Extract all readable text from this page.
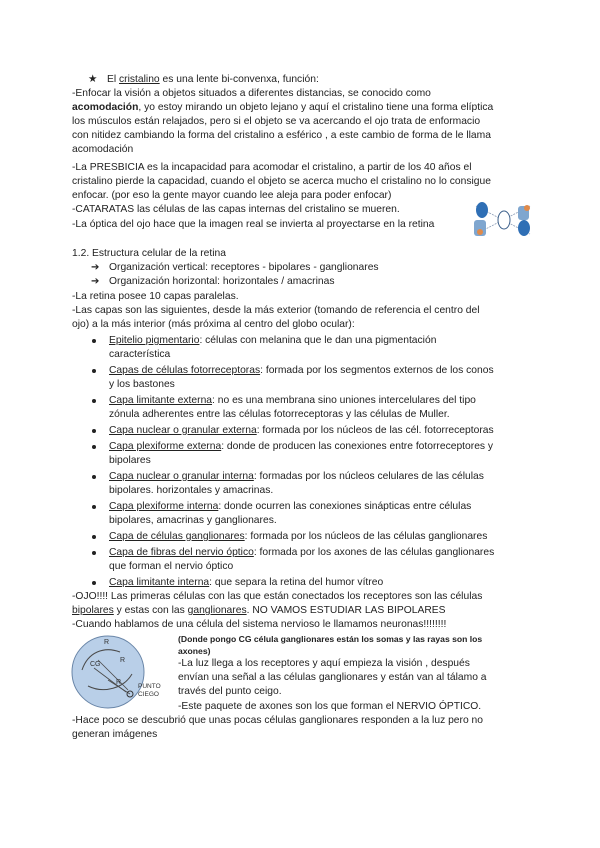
★ El cristalino es una lente bi-convenxa, función:
-Enfocar la visión a objetos situados a diferentes distancias, se conocido como
acomodación, yo estoy mirando un objeto lejano y aquí el cristalino tiene una forma elíptica
los músculos están relajados, pero si el objeto se va acercando el ojo trata de enformacio
con nitidez cambiando la forma del cristalino a esférico , a este cambio de forma de le llama
acomodación
-La PRESBICIA es la incapacidad para acomodar el cristalino, a partir de los 40 años el
cristalino pierde la capacidad, cuando el objeto se acerca mucho el cristalino no lo consigue
enfocar. (por eso la gente mayor cuando lee aleja para poder enfocar)
-CATARATAS las células de las capas internas del cristalino se mueren.
-La óptica del ojo hace que la imagen real se invierta al proyectarse en la retina
1.2. Estructura celular de la retina
➔ Organización vertical: receptores - bipolares - ganglionares
➔ Organización horizontal: horizontales / amacrinas
-La retina posee 10 capas paralelas.
-Las capas son las siguientes, desde la más exterior (tomando de referencia el centro del
ojo) a la más interior (más próxima al centro del globo ocular):
Epitelio pigmentario: células con melanina que le dan una pigmentación
característica
Capas de células fotorreceptoras: formada por los segmentos externos de los conos
y los bastones
Capa limitante externa: no es una membrana sino uniones intercelulares del tipo
zónula adherentes entre las células fotorreceptoras y las células de Muller.
Capa nuclear o granular externa: formada por los núcleos de las cél. fotorreceptoras
Capa plexiforme externa: donde de producen las conexiones entre fotorreceptores y
bipolares
Capa nuclear o granular interna: formadas por los núcleos celulares de las células
bipolares. horizontales y amacrinas.
Capa plexiforme interna: donde ocurren las conexiones sinápticas entre células
bipolares, amacrinas y ganglionares.
Capa de células ganglionares: formada por los núcleos de las células ganglionares
Capa de fibras del nervio óptico: formada por los axones de las células ganglionares
que forman el nervio óptico
Capa limitante interna: que separa la retina del humor vítreo
-OJO!!!! Las primeras células con las que están conectados los receptores son las células
bipolares y estas con las ganglionares. NO VAMOS ESTUDIAR LAS BIPOLARES
-Cuando hablamos de una célula del sistema nervioso le llamamos neuronas!!!!!!!!
R
CG
R
R
PUNTO
CIEGO
(Donde pongo CG célula ganglionares están los somas y las rayas son los
axones)
-La luz llega a los receptores y aquí empieza la visión , después
envían una señal a las células ganglionares y están van al tálamo a
través del punto ceigo.
-Este paquete de axones son los que forman el NERVIO ÓPTICO.
-Hace poco se descubrió que unas pocas células ganglionares responden a la luz pero no
generan imágenes
